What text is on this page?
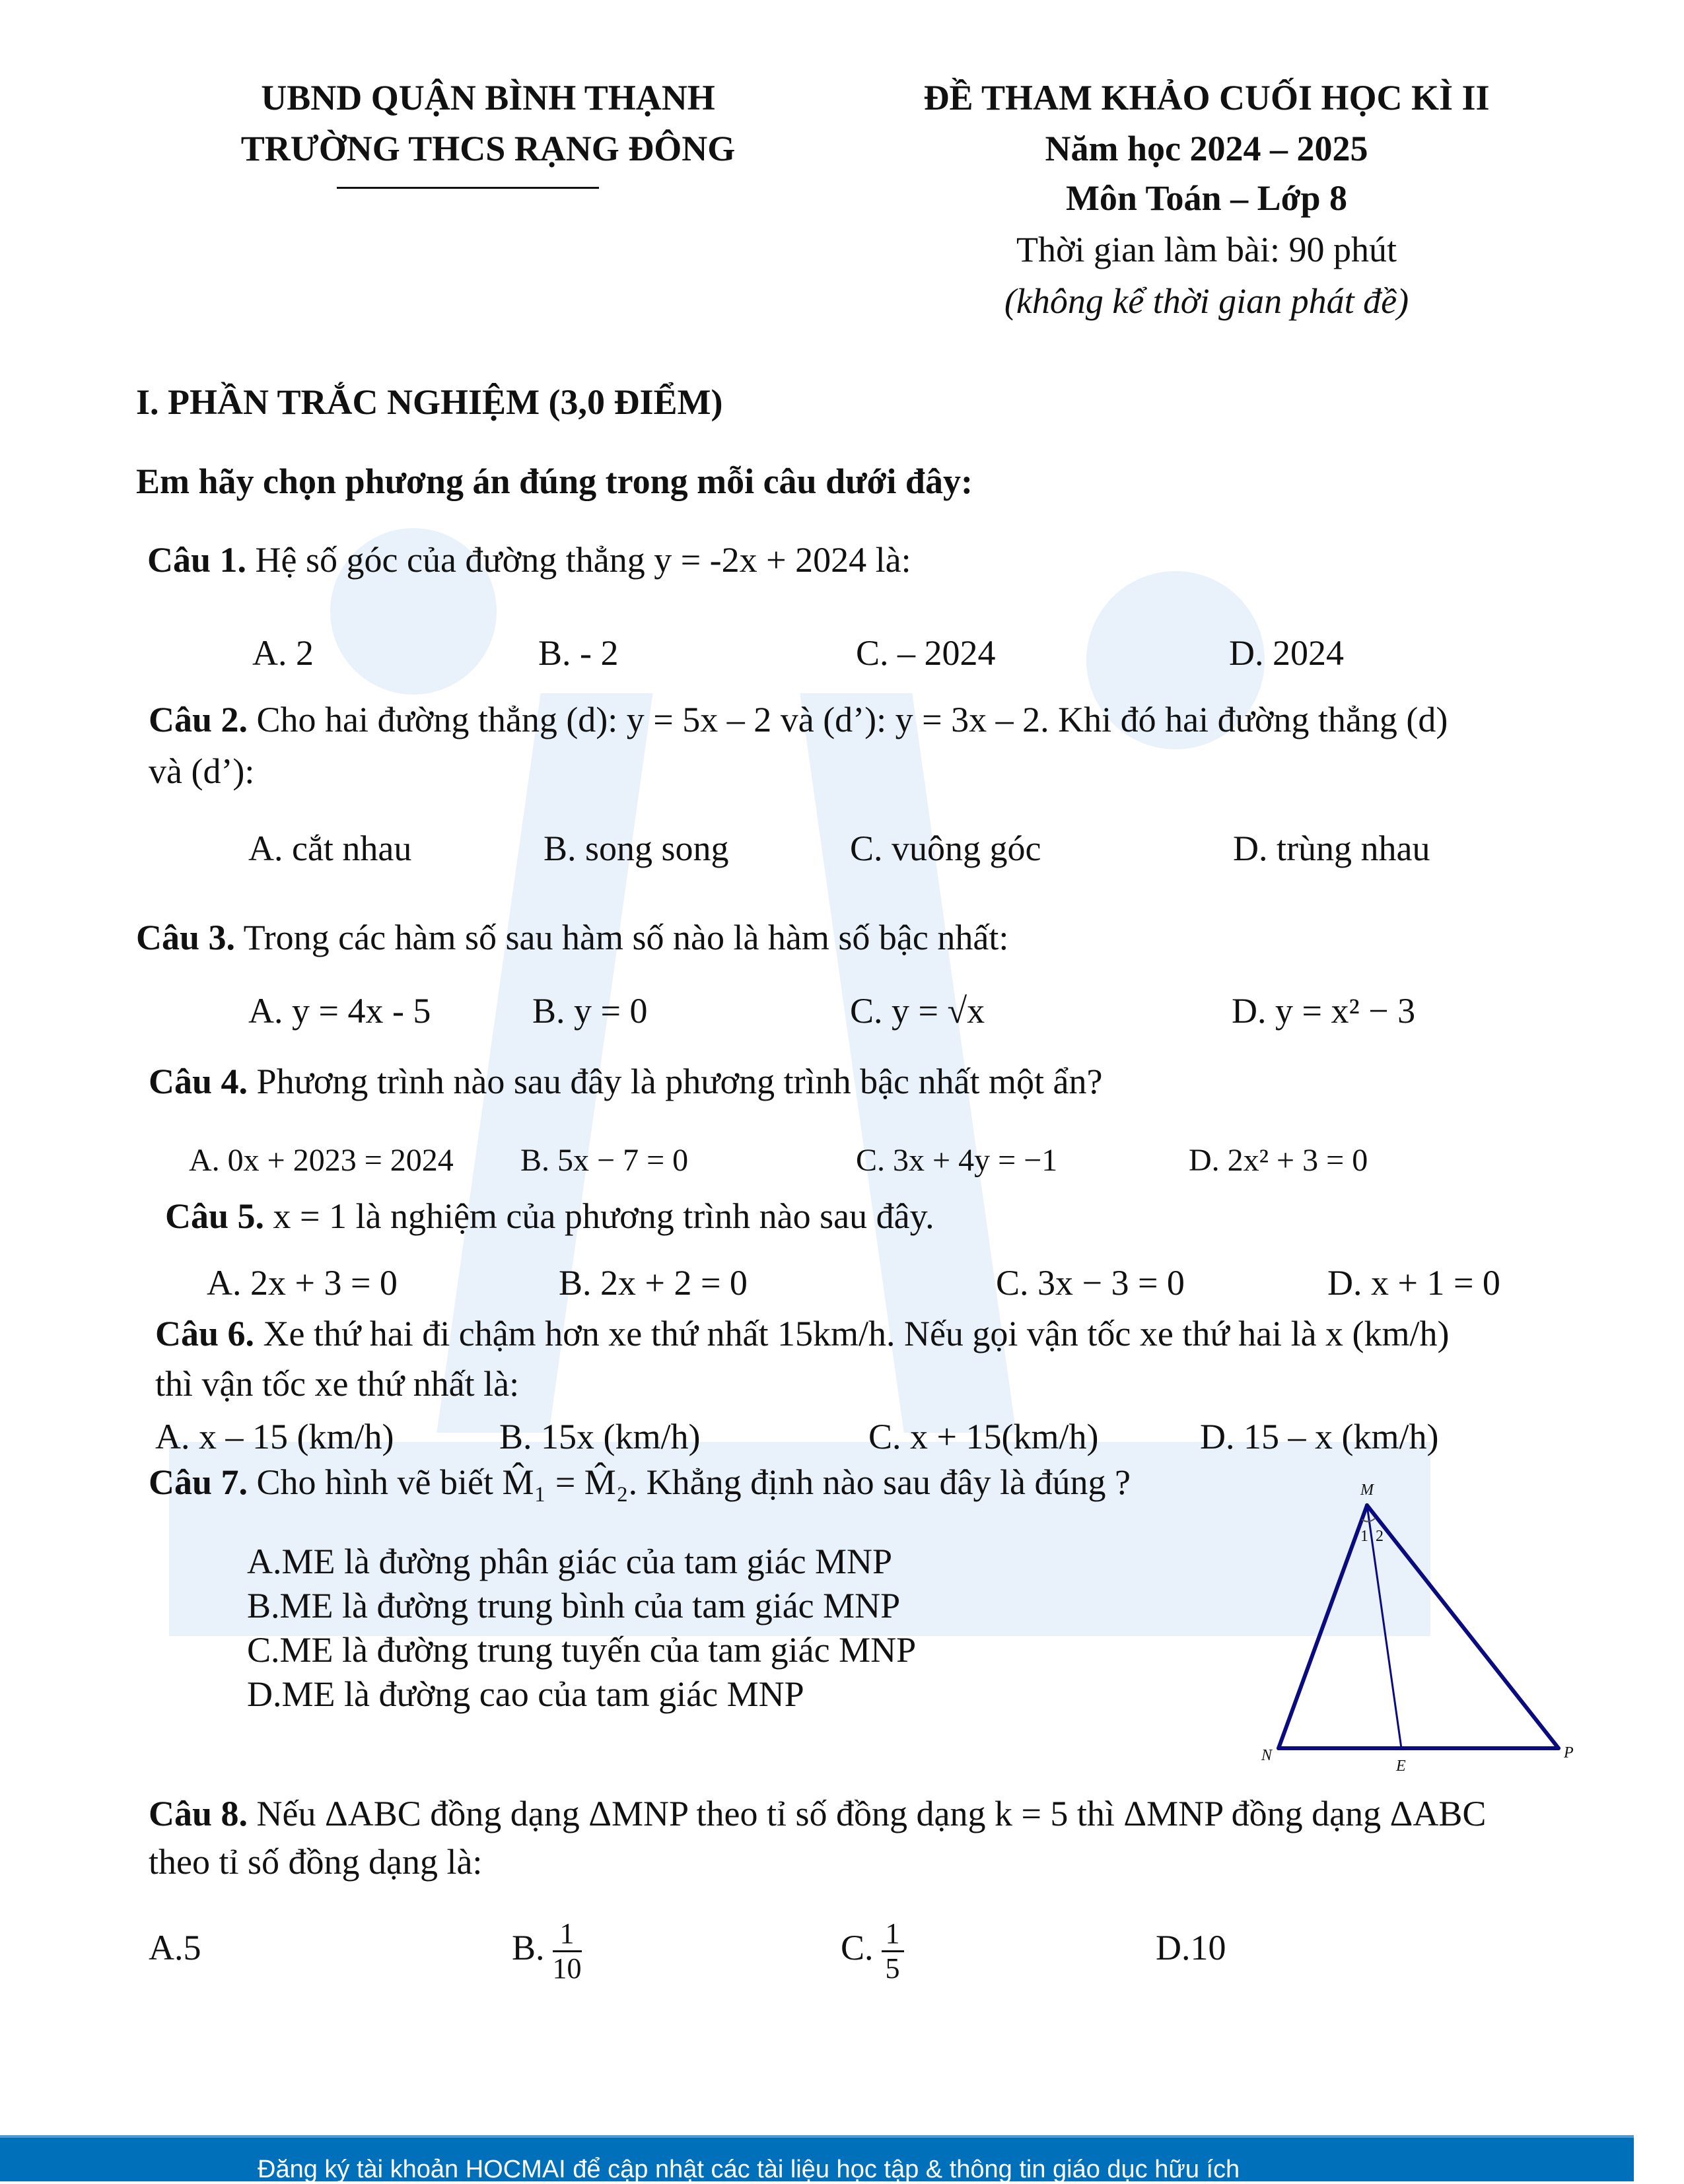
UBND QUẬN BÌNH THẠNH
TRƯỜNG THCS RẠNG ĐÔNG
ĐỀ THAM KHẢO CUỐI HỌC KÌ II
Năm học 2024 – 2025
Môn Toán – Lớp 8
Thời gian làm bài: 90 phút
(không kể thời gian phát đề)
I. PHẦN TRẮC NGHIỆM (3,0 ĐIỂM)
Em hãy chọn phương án đúng trong mỗi câu dưới đây:
Câu 1. Hệ số góc của đường thẳng y = -2x + 2024 là:
A. 2	B. - 2	C. – 2024	D. 2024
Câu 2. Cho hai đường thẳng (d): y = 5x – 2 và (d’): y = 3x – 2. Khi đó hai đường thẳng (d)
và (d’):
A. cắt nhau	B. song song	C. vuông góc	D. trùng nhau
Câu 3. Trong các hàm số sau hàm số nào là hàm số bậc nhất:
A. y = 4x - 5	B. y = 0	C. y = √x	D. y = x² − 3
Câu 4. Phương trình nào sau đây là phương trình bậc nhất một ẩn?
A. 0x + 2023 = 2024 B. 5x − 7 = 0	C. 3x + 4y = −1	D. 2x² + 3 = 0
Câu 5. x = 1 là nghiệm của phương trình nào sau đây.
A. 2x + 3 = 0	B. 2x + 2 = 0	C. 3x − 3 = 0	D. x + 1 = 0
Câu 6. Xe thứ hai đi chậm hơn xe thứ nhất 15km/h. Nếu gọi vận tốc xe thứ hai là x (km/h)
thì vận tốc xe thứ nhất là:
A. x – 15 (km/h)	B. 15x (km/h)	C. x + 15(km/h)	D. 15 – x (km/h)
Câu 7. Cho hình vẽ biết M̂₁ = M̂₂. Khẳng định nào sau đây là đúng ?
A.ME là đường phân giác của tam giác MNP
B.ME là đường trung bình của tam giác MNP
C.ME là đường trung tuyến của tam giác MNP
D.ME là đường cao của tam giác MNP
M
N	P
E
1 2
Câu 8. Nếu ΔABC đồng dạng ΔMNP theo tỉ số đồng dạng k = 5 thì ΔMNP đồng dạng ΔABC
theo tỉ số đồng dạng là:
A.5	B. $\frac{1}{10}$	C. $\frac{1}{5}$	D.10
Đăng ký tài khoản HOCMAI để cập nhật các tài liệu học tập & thông tin giáo dục hữu ích
